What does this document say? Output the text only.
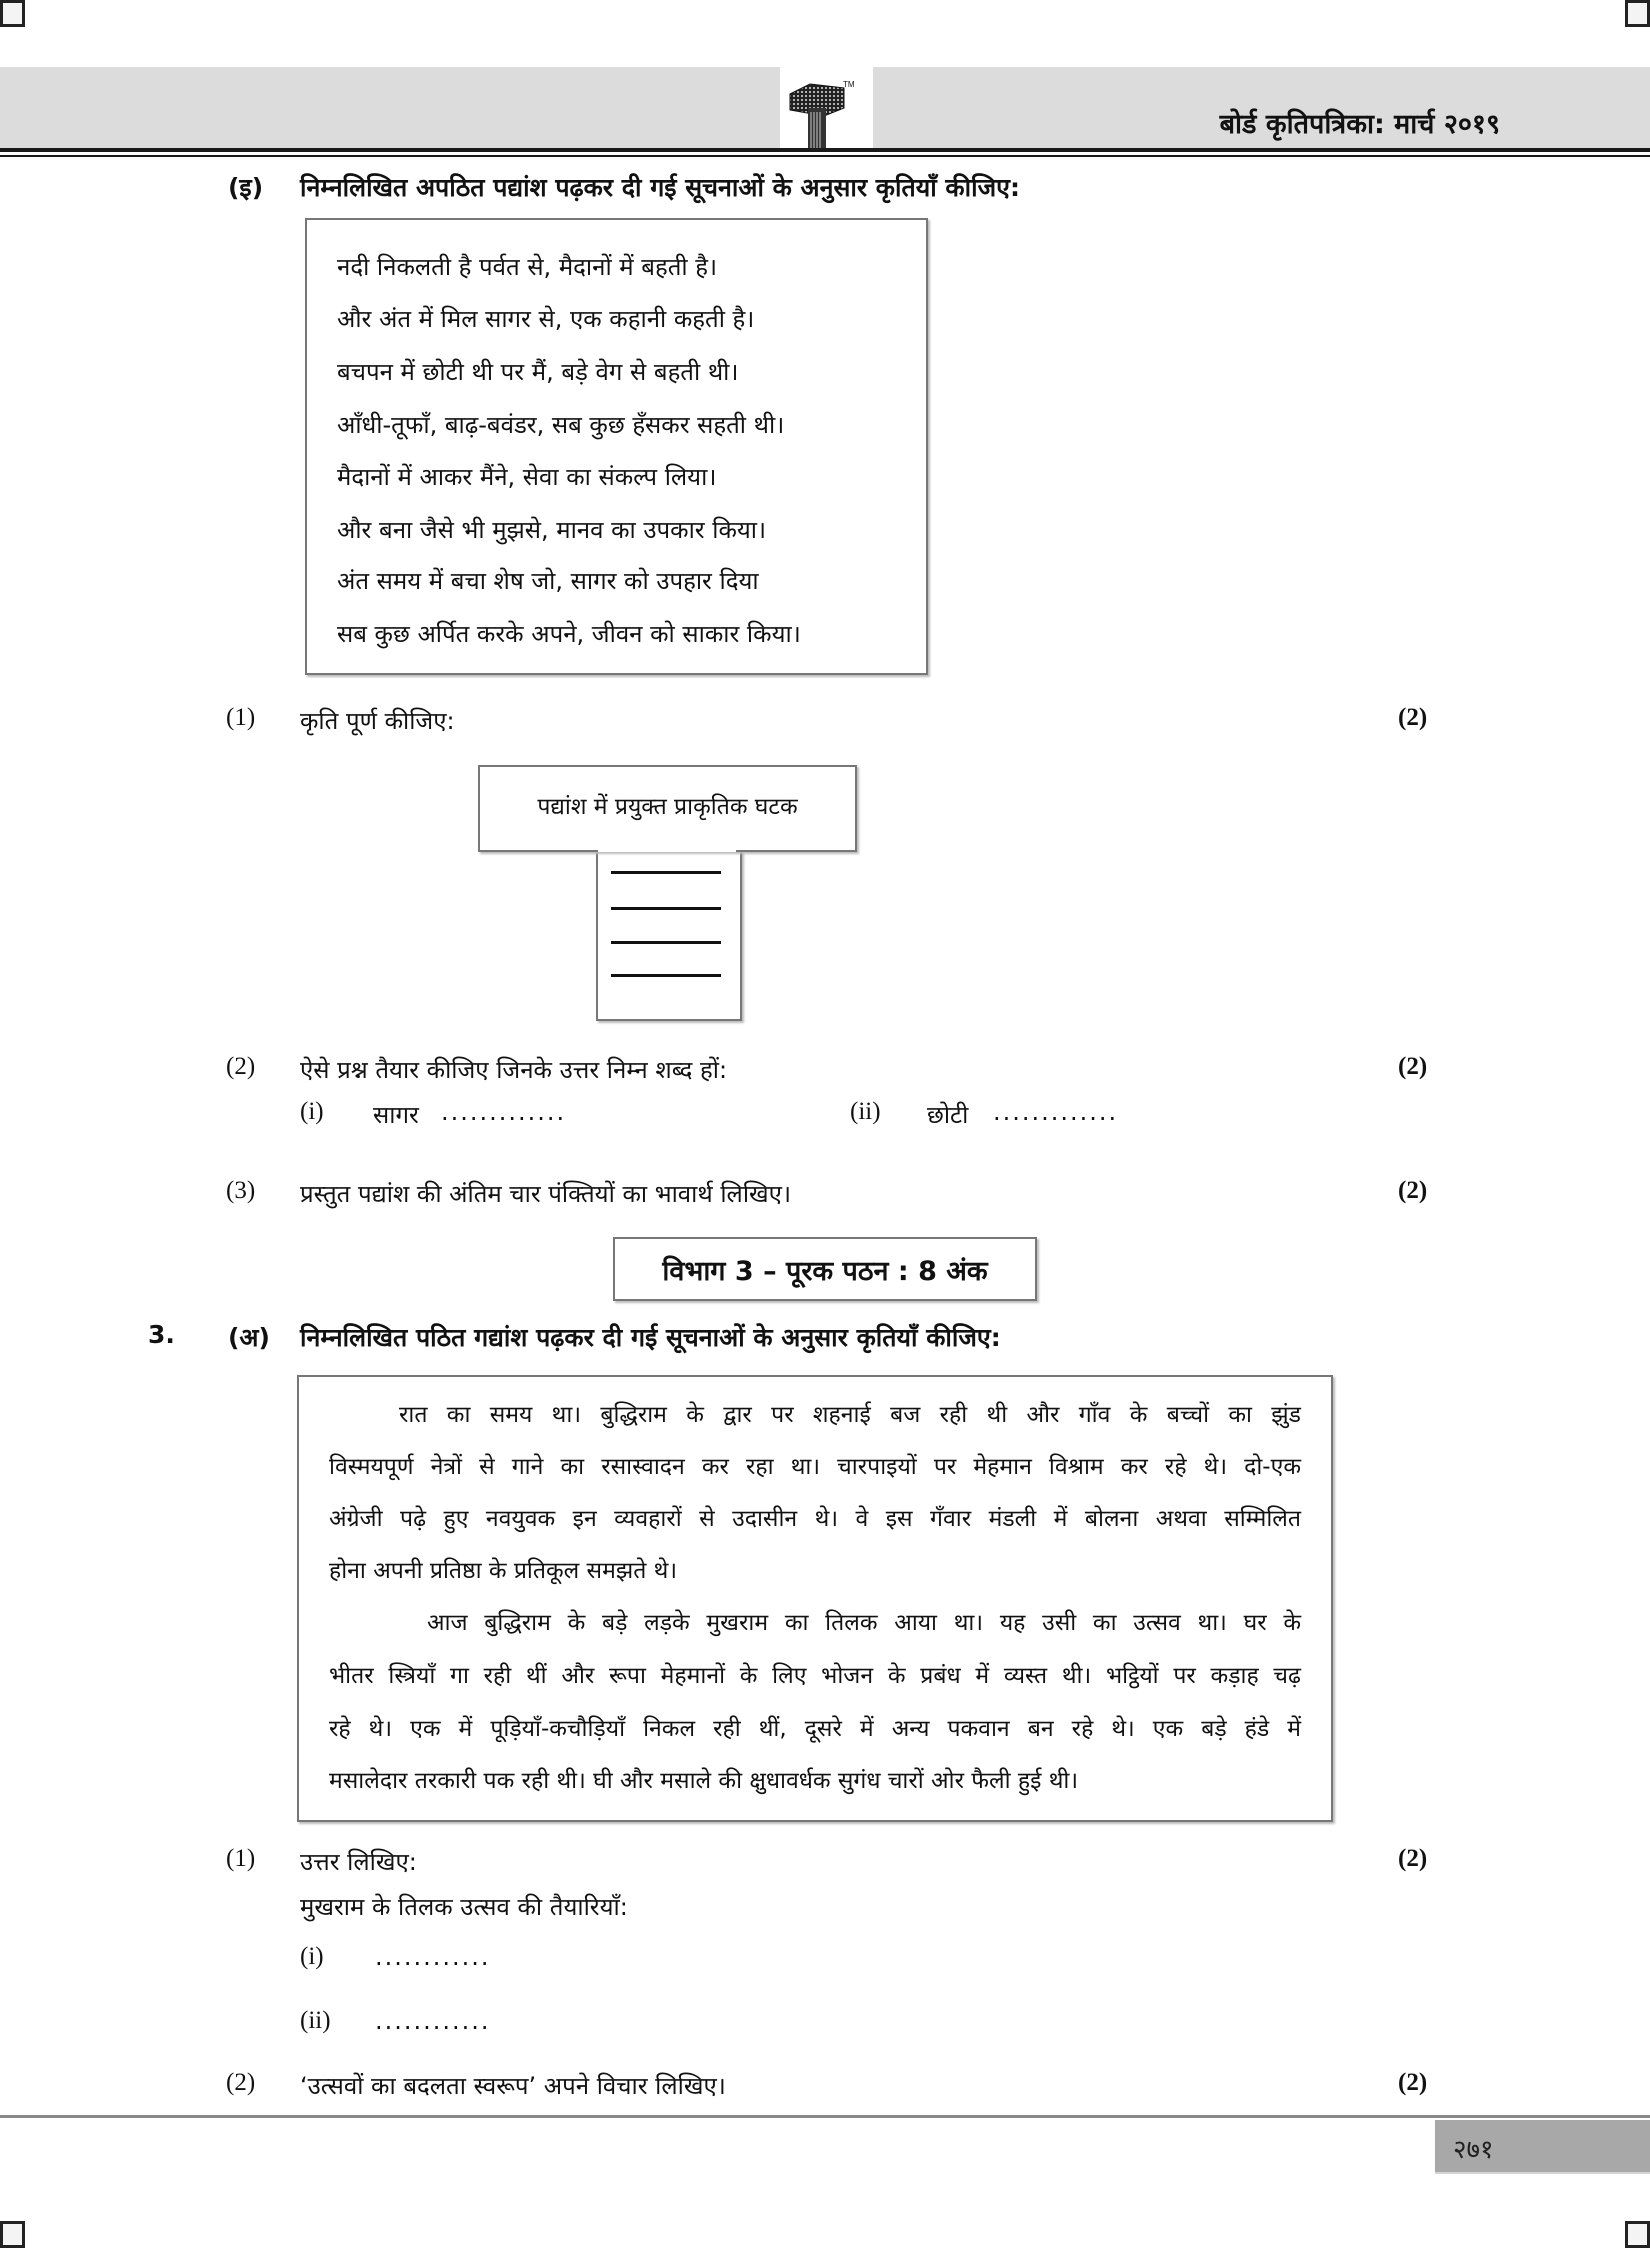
TM
बोर्ड कृतिपत्रिका: मार्च २०१९
(इ) निम्नलिखित अपठित पद्यांश पढ़कर दी गई सूचनाओं के अनुसार कृतियाँ कीजिए:
नदी निकलती है पर्वत से, मैदानों में बहती है।
और अंत में मिल सागर से, एक कहानी कहती है।
बचपन में छोटी थी पर मैं, बड़े वेग से बहती थी।
आँधी-तूफाँ, बाढ़-बवंडर, सब कुछ हँसकर सहती थी।
मैदानों में आकर मैंने, सेवा का संकल्प लिया।
और बना जैसे भी मुझसे, मानव का उपकार किया।
अंत समय में बचा शेष जो, सागर को उपहार दिया
सब कुछ अर्पित करके अपने, जीवन को साकार किया।
(1) कृति पूर्ण कीजिए:	(2)
पद्यांश में प्रयुक्त प्राकृतिक घटक
(2) ऐसे प्रश्न तैयार कीजिए जिनके उत्तर निम्न शब्द हों:	(2)
(i) सागर .............	(ii) छोटी .............
(3) प्रस्तुत पद्यांश की अंतिम चार पंक्तियों का भावार्थ लिखिए।	(2)
विभाग 3 – पूरक पठन : 8 अंक
3. (अ) निम्नलिखित पठित गद्यांश पढ़कर दी गई सूचनाओं के अनुसार कृतियाँ कीजिए:
रात का समय था। बुद्धिराम के द्वार पर शहनाई बज रही थी और गाँव के बच्चों का झुंड
विस्मयपूर्ण नेत्रों से गाने का रसास्वादन कर रहा था। चारपाइयों पर मेहमान विश्राम कर रहे थे। दो-एक
अंग्रेजी पढ़े हुए नवयुवक इन व्यवहारों से उदासीन थे। वे इस गँवार मंडली में बोलना अथवा सम्मिलित
होना अपनी प्रतिष्ठा के प्रतिकूल समझते थे।
आज बुद्धिराम के बड़े लड़के मुखराम का तिलक आया था। यह उसी का उत्सव था। घर के
भीतर स्त्रियाँ गा रही थीं और रूपा मेहमानों के लिए भोजन के प्रबंध में व्यस्त थी। भट्ठियों पर कड़ाह चढ़
रहे थे। एक में पूड़ियाँ-कचौड़ियाँ निकल रही थीं, दूसरे में अन्य पकवान बन रहे थे। एक बड़े हंडे में
मसालेदार तरकारी पक रही थी। घी और मसाले की क्षुधावर्धक सुगंध चारों ओर फैली हुई थी।
(1) उत्तर लिखिए:	(2)
मुखराम के तिलक उत्सव की तैयारियाँ:
(i) ............
(ii) ............
(2) ‘उत्सवों का बदलता स्वरूप’ अपने विचार लिखिए।	(2)
२७१
